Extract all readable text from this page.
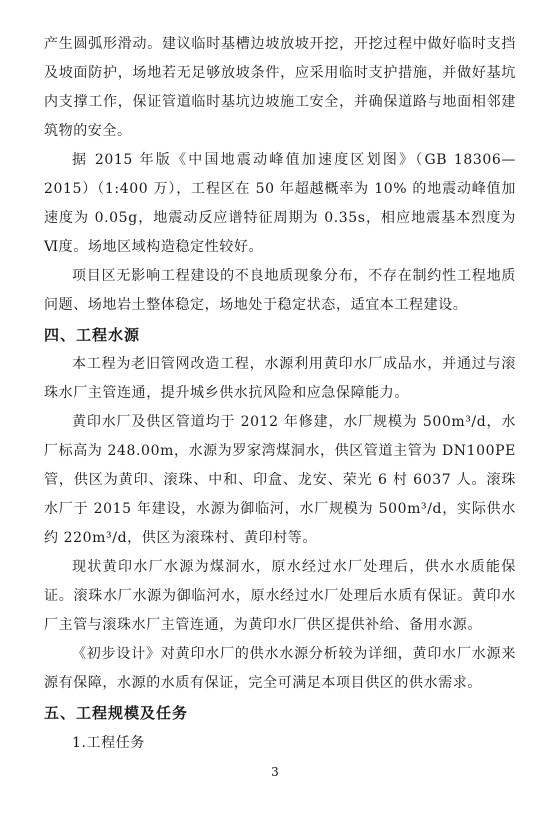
产生圆弧形滑动。建议临时基槽边坡放坡开挖，开挖过程中做好临时支挡及坡面防护，场地若无足够放坡条件，应采用临时支护措施，并做好基坑内支撑工作，保证管道临时基坑边坡施工安全，并确保道路与地面相邻建筑物的安全。

据 2015 年版《中国地震动峰值加速度区划图》（GB 18306—2015）（1:400 万），工程区在 50 年超越概率为 10% 的地震动峰值加速度为 0.05g，地震动反应谱特征周期为 0.35s，相应地震基本烈度为Ⅵ度。场地区域构造稳定性较好。

项目区无影响工程建设的不良地质现象分布，不存在制约性工程地质问题、场地岩土整体稳定，场地处于稳定状态，适宜本工程建设。

四、工程水源

本工程为老旧管网改造工程，水源利用黄印水厂成品水，并通过与滚珠水厂主管连通，提升城乡供水抗风险和应急保障能力。

黄印水厂及供区管道均于 2012 年修建，水厂规模为 500m³/d，水厂标高为 248.00m，水源为罗家湾煤洞水，供区管道主管为 DN100PE 管，供区为黄印、滚珠、中和、印盒、龙安、荣光 6 村 6037 人。滚珠水厂于 2015 年建设，水源为御临河，水厂规模为 500m³/d，实际供水约 220m³/d，供区为滚珠村、黄印村等。

现状黄印水厂水源为煤洞水，原水经过水厂处理后，供水水质能保证。滚珠水厂水源为御临河水，原水经过水厂处理后水质有保证。黄印水厂主管与滚珠水厂主管连通，为黄印水厂供区提供补给、备用水源。

《初步设计》对黄印水厂的供水水源分析较为详细，黄印水厂水源来源有保障，水源的水质有保证，完全可满足本项目供区的供水需求。

五、工程规模及任务

1.工程任务

3
